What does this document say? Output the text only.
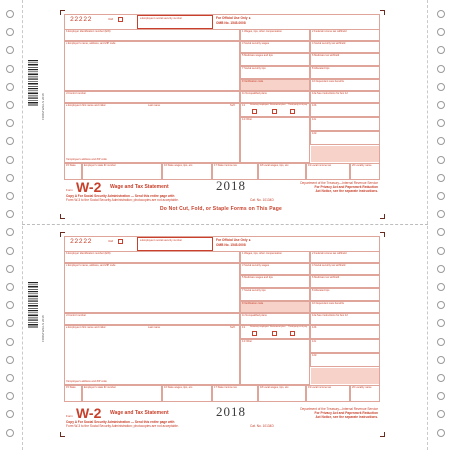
22222	Void	a Employee's social security number	For Official Use Only ►
OMB No. 1545-0008
b Employer identification number (EIN)	1 Wages, tips, other compensation	2 Federal income tax withheld
c Employer's name, address, and ZIP code	3 Social security wages	4 Social security tax withheld
5 Medicare wages and tips	6 Medicare tax withheld
7 Social security tips	8 Allocated tips
d Control number
9 Verification code	10 Dependent care benefits
e Employee's first name and initial	Last name	Suff.
f Employee's address and ZIP code
11 Nonqualified plans	12a See instructions for box 12
13 Statutory employee Retirement plan Third-party sick pay 12b
14 Other	12c
12d
15 State	Employer's state ID number	16 State wages, tips, etc.	17 State income tax	18 Local wages, tips, etc.	19 Local income tax	20 Locality name
Form W-2 Wage and Tax Statement	2018	Department of the Treasury—Internal Revenue Service
For Privacy Act and Paperwork Reduction
Act Notice, see the separate instructions.
Copy A For Social Security Administration — Send this entire page with
Form W-3 to the Social Security Administration; photocopies are not acceptable.	Cat. No. 10134D
Do Not Cut, Fold, or Staple Forms on This Page
22222	Void	a Employee's social security number	For Official Use Only ►
OMB No. 1545-0008
b Employer identification number (EIN)	1 Wages, tips, other compensation	2 Federal income tax withheld
c Employer's name, address, and ZIP code	3 Social security wages	4 Social security tax withheld
5 Medicare wages and tips	6 Medicare tax withheld
7 Social security tips	8 Allocated tips
d Control number
9 Verification code	10 Dependent care benefits
e Employee's first name and initial	Last name	Suff.
f Employee's address and ZIP code
11 Nonqualified plans	12a See instructions for box 12
13 Statutory employee Retirement plan Third-party sick pay 12b
14 Other	12c
12d
15 State	Employer's state ID number	16 State wages, tips, etc.	17 State income tax	18 Local wages, tips, etc.	19 Local income tax	20 Locality name
Form W-2 Wage and Tax Statement	2018	Department of the Treasury—Internal Revenue Service
For Privacy Act and Paperwork Reduction
Act Notice, see the separate instructions.
Copy A For Social Security Administration — Send this entire page with
Form W-3 to the Social Security Administration; photocopies are not acceptable.	Cat. No. 10134D
FORM W2A-S 2018
FORM W2A-S 2018
